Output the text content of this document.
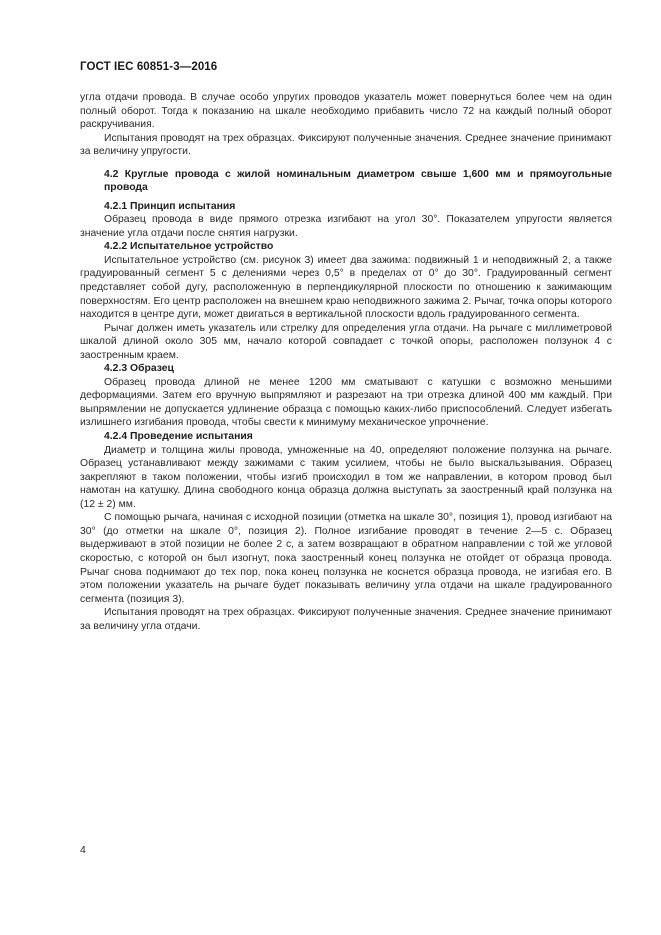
ГОСТ IEC 60851-3—2016

угла отдачи провода. В случае особо упругих проводов указатель может повернуться более чем на один полный оборот. Тогда к показанию на шкале необходимо прибавить число 72 на каждый полный оборот раскручивания.

Испытания проводят на трех образцах. Фиксируют полученные значения. Среднее значение принимают за величину упругости.

4.2 Круглые провода с жилой номинальным диаметром свыше 1,600 мм и прямоугольные провода

4.2.1 Принцип испытания

Образец провода в виде прямого отрезка изгибают на угол 30°. Показателем упругости является значение угла отдачи после снятия нагрузки.

4.2.2 Испытательное устройство

Испытательное устройство (см. рисунок 3) имеет два зажима: подвижный 1 и неподвижный 2, а также градуированный сегмент 5 с делениями через 0,5° в пределах от 0° до 30°. Градуированный сегмент представляет собой дугу, расположенную в перпендикулярной плоскости по отношению к зажимающим поверхностям. Его центр расположен на внешнем краю неподвижного зажима 2. Рычаг, точка опоры которого находится в центре дуги, может двигаться в вертикальной плоскости вдоль градуированного сегмента.

Рычаг должен иметь указатель или стрелку для определения угла отдачи. На рычаге с миллиметровой шкалой длиной около 305 мм, начало которой совпадает с точкой опоры, расположен ползунок 4 с заостренным краем.

4.2.3 Образец

Образец провода длиной не менее 1200 мм сматывают с катушки с возможно меньшими деформациями. Затем его вручную выпрямляют и разрезают на три отрезка длиной 400 мм каждый. При выпрямлении не допускается удлинение образца с помощью каких-либо приспособлений. Следует избегать излишнего изгибания провода, чтобы свести к минимуму механическое упрочнение.

4.2.4 Проведение испытания

Диаметр и толщина жилы провода, умноженные на 40, определяют положение ползунка на рычаге. Образец устанавливают между зажимами с таким усилием, чтобы не было выскальзывания. Образец закрепляют в таком положении, чтобы изгиб происходил в том же направлении, в котором провод был намотан на катушку. Длина свободного конца образца должна выступать за заостренный край ползунка на (12 ± 2) мм.

С помощью рычага, начиная с исходной позиции (отметка на шкале 30°, позиция 1), провод изгибают на 30° (до отметки на шкале 0°, позиция 2). Полное изгибание проводят в течение 2—5 с. Образец выдерживают в этой позиции не более 2 с, а затем возвращают в обратном направлении с той же угловой скоростью, с которой он был изогнут, пока заостренный конец ползунка не отойдет от образца провода. Рычаг снова поднимают до тех пор, пока конец ползунка не коснется образца провода, не изгибая его. В этом положении указатель на рычаге будет показывать величину угла отдачи на шкале градуированного сегмента (позиция 3).

Испытания проводят на трех образцах. Фиксируют полученные значения. Среднее значение принимают за величину угла отдачи.

4
